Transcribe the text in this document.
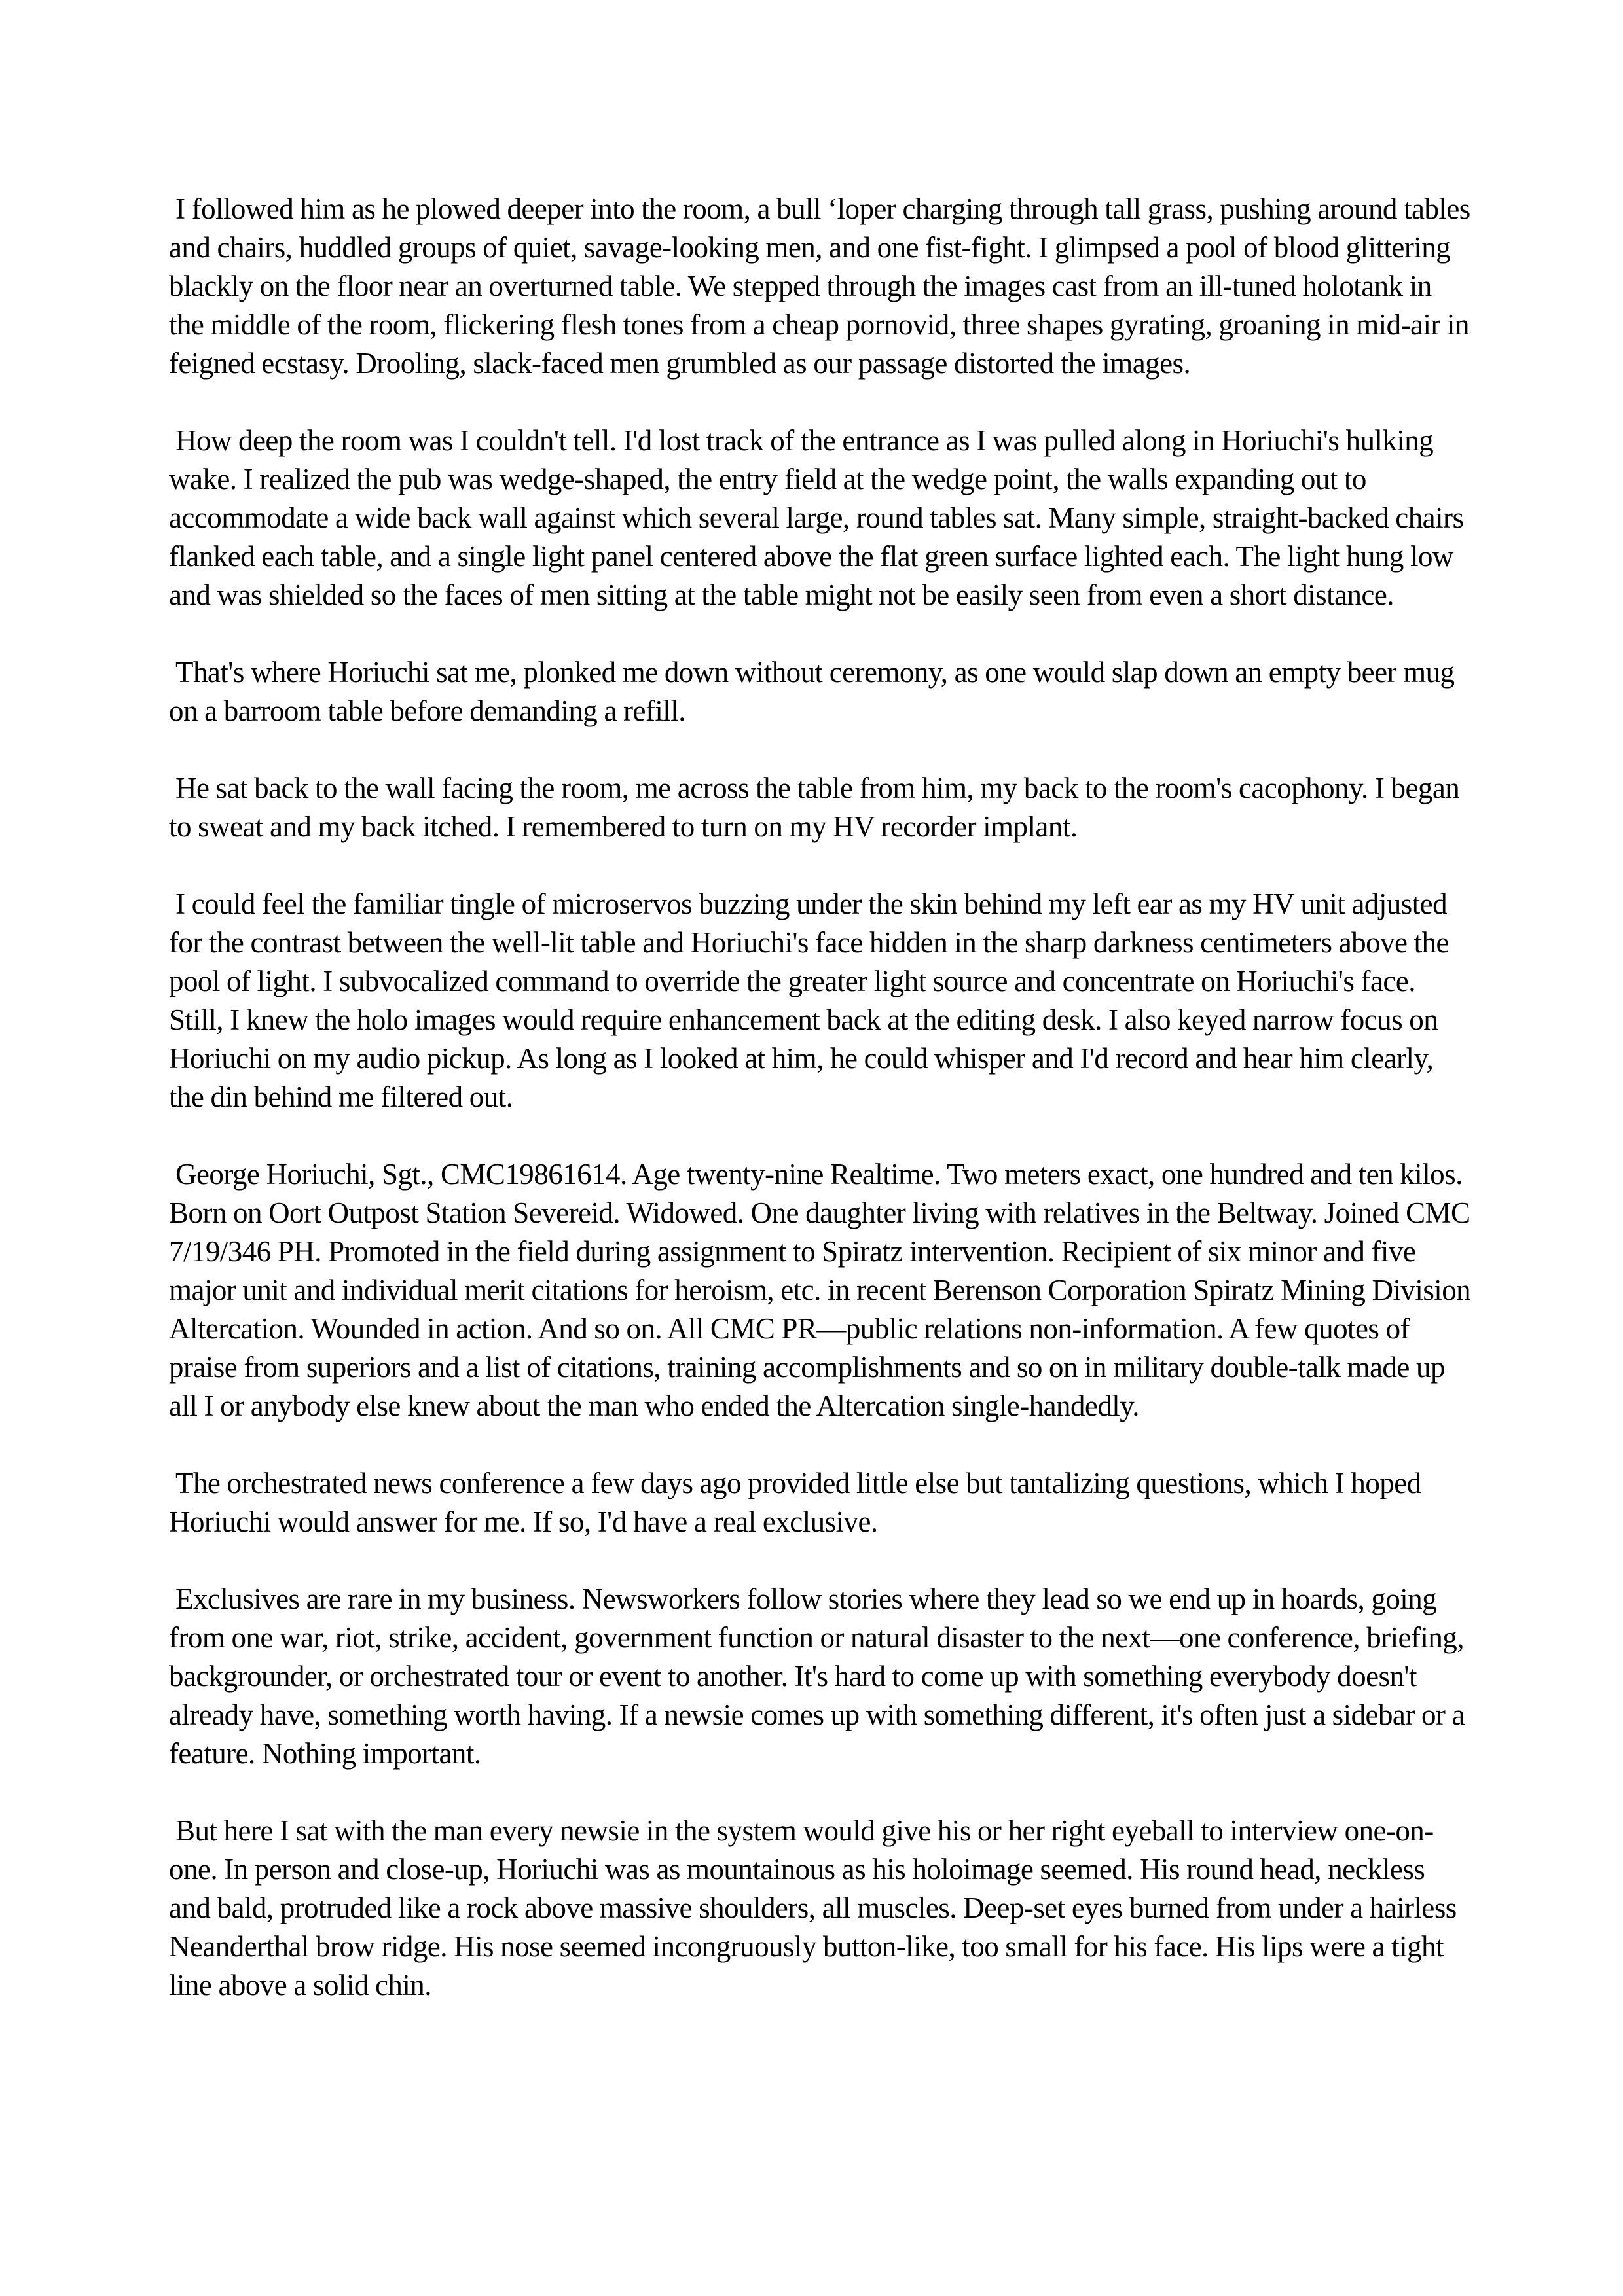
I followed him as he plowed deeper into the room, a bull ‘loper charging through tall grass, pushing around tables and chairs, huddled groups of quiet, savage-looking men, and one fist-fight. I glimpsed a pool of blood glittering blackly on the floor near an overturned table. We stepped through the images cast from an ill-tuned holotank in the middle of the room, flickering flesh tones from a cheap pornovid, three shapes gyrating, groaning in mid-air in feigned ecstasy. Drooling, slack-faced men grumbled as our passage distorted the images.

How deep the room was I couldn't tell. I'd lost track of the entrance as I was pulled along in Horiuchi's hulking wake. I realized the pub was wedge-shaped, the entry field at the wedge point, the walls expanding out to accommodate a wide back wall against which several large, round tables sat. Many simple, straight-backed chairs flanked each table, and a single light panel centered above the flat green surface lighted each. The light hung low and was shielded so the faces of men sitting at the table might not be easily seen from even a short distance.

That's where Horiuchi sat me, plonked me down without ceremony, as one would slap down an empty beer mug on a barroom table before demanding a refill.

He sat back to the wall facing the room, me across the table from him, my back to the room's cacophony. I began to sweat and my back itched. I remembered to turn on my HV recorder implant.

I could feel the familiar tingle of microservos buzzing under the skin behind my left ear as my HV unit adjusted for the contrast between the well-lit table and Horiuchi's face hidden in the sharp darkness centimeters above the pool of light. I subvocalized command to override the greater light source and concentrate on Horiuchi's face. Still, I knew the holo images would require enhancement back at the editing desk. I also keyed narrow focus on Horiuchi on my audio pickup. As long as I looked at him, he could whisper and I'd record and hear him clearly, the din behind me filtered out.

George Horiuchi, Sgt., CMC19861614. Age twenty-nine Realtime. Two meters exact, one hundred and ten kilos. Born on Oort Outpost Station Severeid. Widowed. One daughter living with relatives in the Beltway. Joined CMC 7/19/346 PH. Promoted in the field during assignment to Spiratz intervention. Recipient of six minor and five major unit and individual merit citations for heroism, etc. in recent Berenson Corporation Spiratz Mining Division Altercation. Wounded in action. And so on. All CMC PR—public relations non-information. A few quotes of praise from superiors and a list of citations, training accomplishments and so on in military double-talk made up all I or anybody else knew about the man who ended the Altercation single-handedly.

The orchestrated news conference a few days ago provided little else but tantalizing questions, which I hoped Horiuchi would answer for me. If so, I'd have a real exclusive.

Exclusives are rare in my business. Newsworkers follow stories where they lead so we end up in hoards, going from one war, riot, strike, accident, government function or natural disaster to the next—one conference, briefing, backgrounder, or orchestrated tour or event to another. It's hard to come up with something everybody doesn't already have, something worth having. If a newsie comes up with something different, it's often just a sidebar or a feature. Nothing important.

But here I sat with the man every newsie in the system would give his or her right eyeball to interview one-on-one. In person and close-up, Horiuchi was as mountainous as his holoimage seemed. His round head, neckless and bald, protruded like a rock above massive shoulders, all muscles. Deep-set eyes burned from under a hairless Neanderthal brow ridge. His nose seemed incongruously button-like, too small for his face. His lips were a tight line above a solid chin.
